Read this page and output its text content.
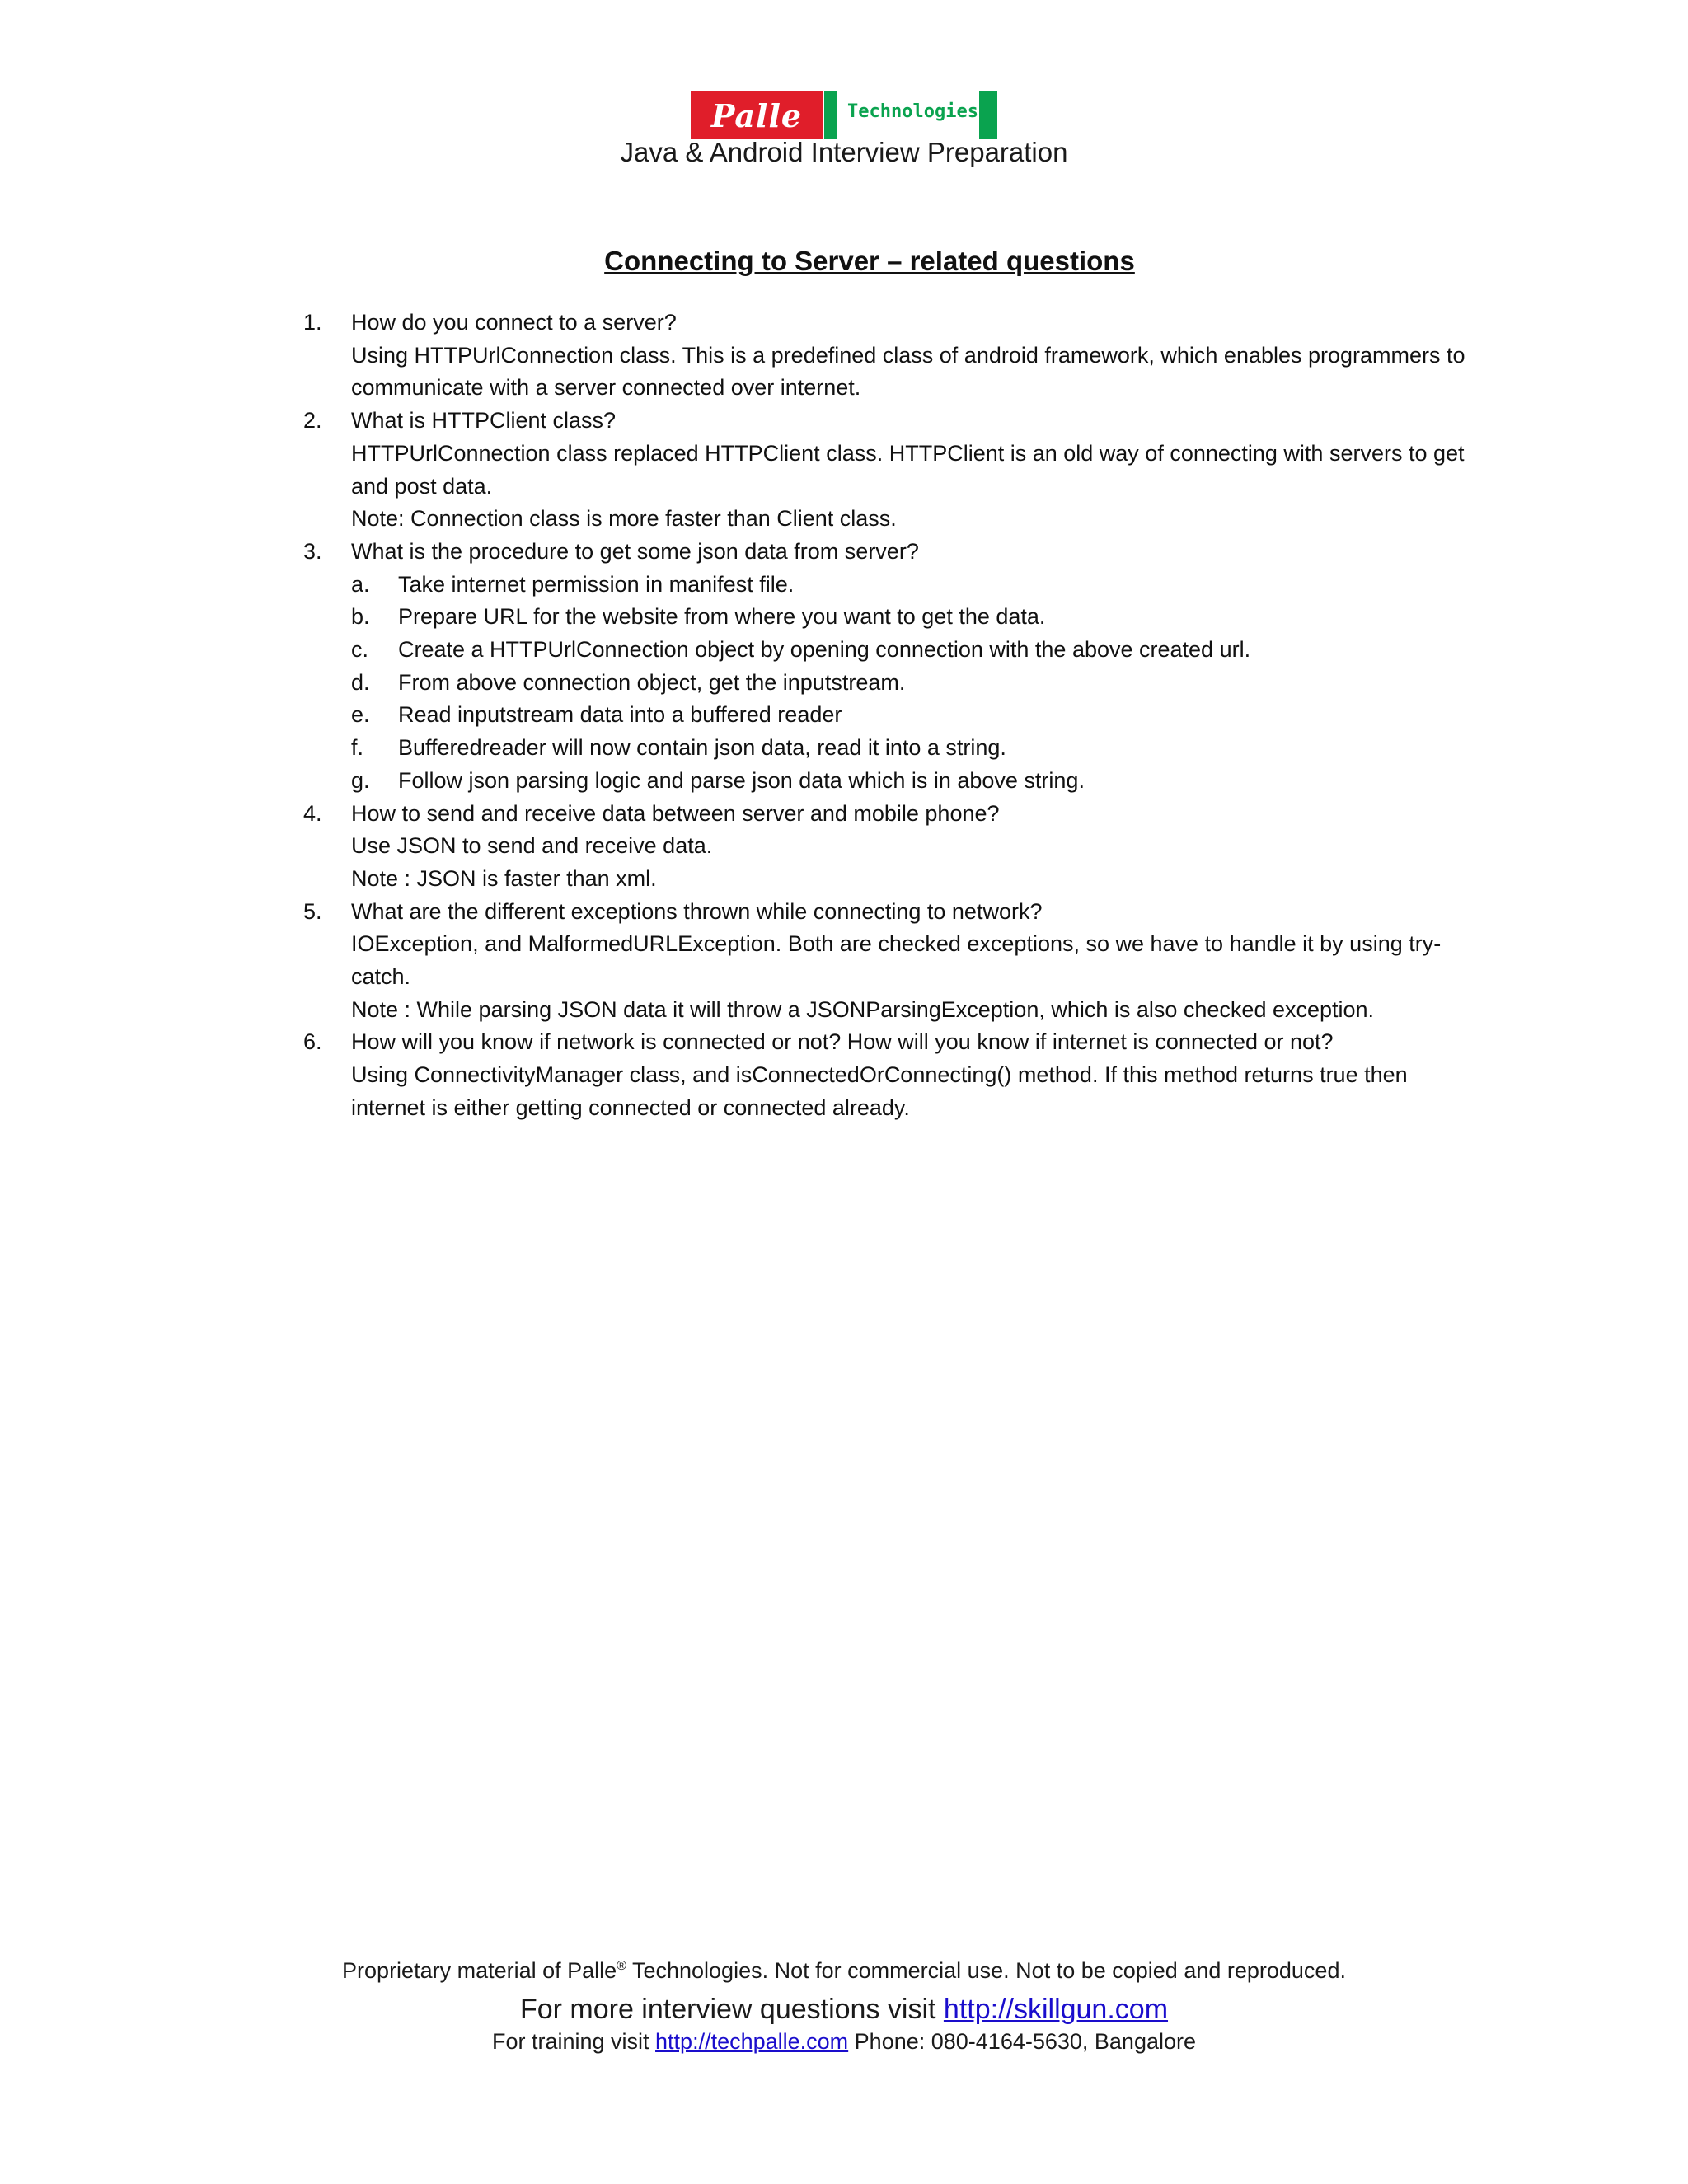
Palle Technologies
Java & Android Interview Preparation
Connecting to Server – related questions
1. How do you connect to a server?
Using HTTPUrlConnection class. This is a predefined class of android framework, which enables programmers to
communicate with a server connected over internet.
2. What is HTTPClient class?
HTTPUrlConnection class replaced HTTPClient class. HTTPClient is an old way of connecting with servers to get
and post data.
Note: Connection class is more faster than Client class.
3. What is the procedure to get some json data from server?
a. Take internet permission in manifest file.
b. Prepare URL for the website from where you want to get the data.
c. Create a HTTPUrlConnection object by opening connection with the above created url.
d. From above connection object, get the inputstream.
e. Read inputstream data into a buffered reader
f. Bufferedreader will now contain json data, read it into a string.
g. Follow json parsing logic and parse json data which is in above string.
4. How to send and receive data between server and mobile phone?
Use JSON to send and receive data.
Note : JSON is faster than xml.
5. What are the different exceptions thrown while connecting to network?
IOException, and MalformedURLException. Both are checked exceptions, so we have to handle it by using try-
catch.
Note : While parsing JSON data it will throw a JSONParsingException, which is also checked exception.
6. How will you know if network is connected or not? How will you know if internet is connected or not?
Using ConnectivityManager class, and isConnectedOrConnecting() method. If this method returns true then
internet is either getting connected or connected already.
Proprietary material of Palle® Technologies. Not for commercial use. Not to be copied and reproduced.
For more interview questions visit http://skillgun.com
For training visit http://techpalle.com Phone: 080-4164-5630, Bangalore
